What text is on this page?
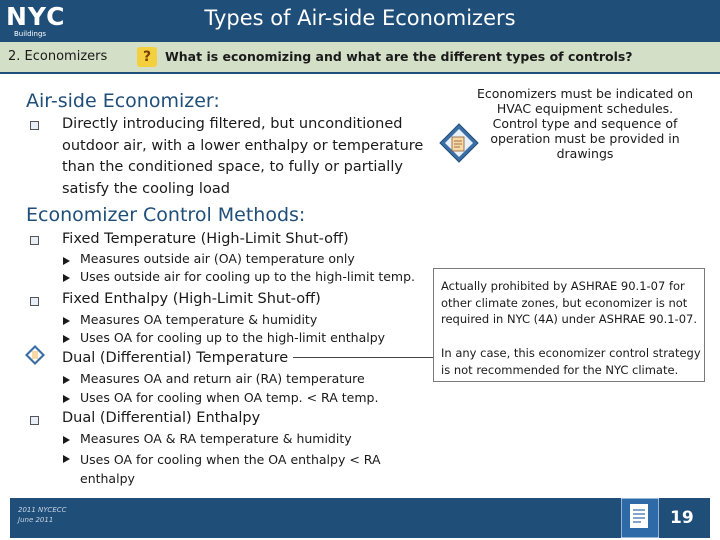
NYC
Buildings
Types of Air-side Economizers
2. Economizers	?	What is economizing and what are the different types of controls?
Air-side Economizer:
Directly introducing filtered, but unconditioned outdoor air, with a lower enthalpy or temperature than the conditioned space, to fully or partially satisfy the cooling load
Economizers must be indicated on HVAC equipment schedules. Control type and sequence of operation must be provided in drawings
Economizer Control Methods:
Fixed Temperature (High-Limit Shut-off)
Measures outside air (OA) temperature only
Uses outside air for cooling up to the high-limit temp.
Fixed Enthalpy (High-Limit Shut-off)
Measures OA temperature & humidity
Uses OA for cooling up to the high-limit enthalpy
Dual (Differential) Temperature
Measures OA and return air (RA) temperature
Uses OA for cooling when OA temp. < RA temp.
Dual (Differential) Enthalpy
Measures OA & RA temperature & humidity
Uses OA for cooling when the OA enthalpy < RA enthalpy
Actually prohibited by ASHRAE 90.1-07 for other climate zones, but economizer is not required in NYC (4A) under ASHRAE 90.1-07.
In any case, this economizer control strategy is not recommended for the NYC climate.
2011 NYCECC
June 2011	19
